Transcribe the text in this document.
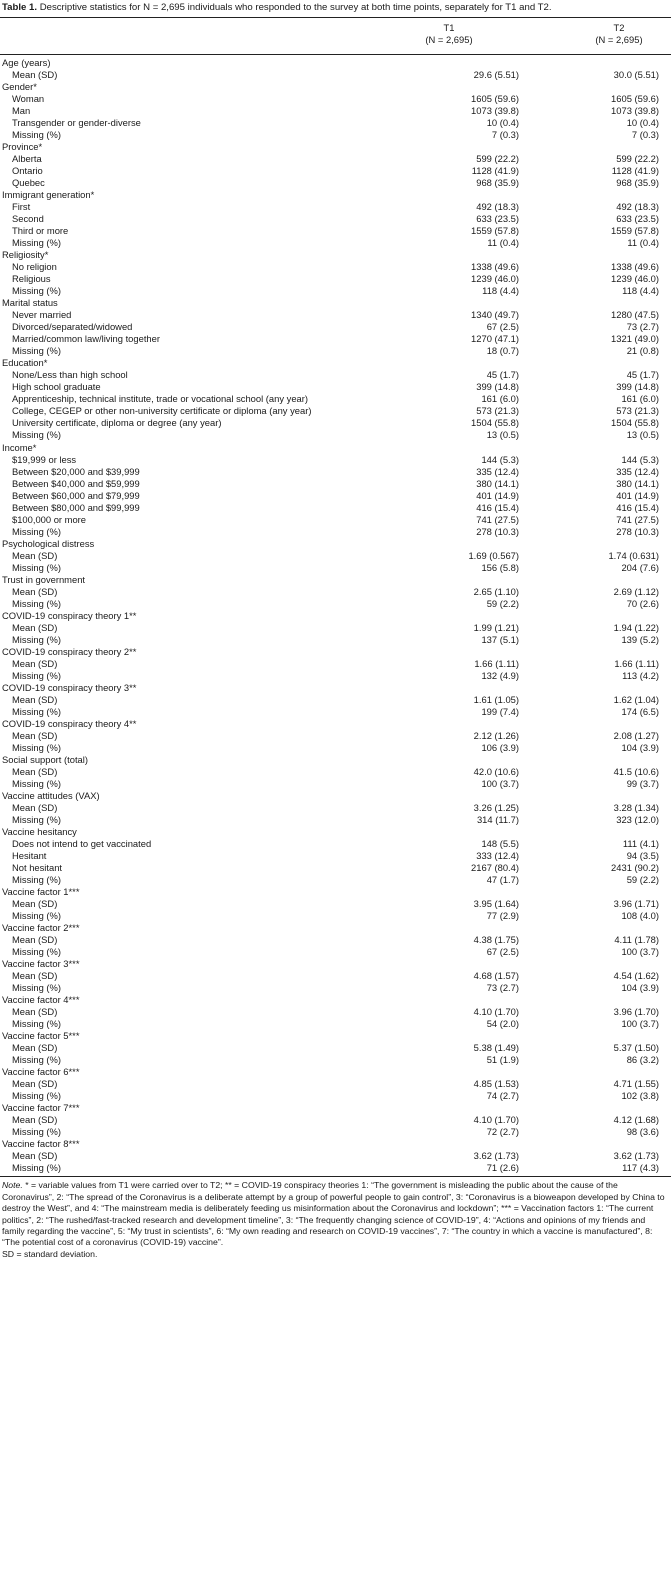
Table 1. Descriptive statistics for N = 2,695 individuals who responded to the survey at both time points, separately for T1 and T2.
T1
(N = 2,695)
T2
(N = 2,695)
Age (years)
Mean (SD)	29.6 (5.51)	30.0 (5.51)
Gender*
Woman	1605 (59.6)	1605 (59.6)
Man	1073 (39.8)	1073 (39.8)
Transgender or gender-diverse	10 (0.4)	10 (0.4)
Missing (%)	7 (0.3)	7 (0.3)
Province*
Alberta	599 (22.2)	599 (22.2)
Ontario	1128 (41.9)	1128 (41.9)
Quebec	968 (35.9)	968 (35.9)
Immigrant generation*
First	492 (18.3)	492 (18.3)
Second	633 (23.5)	633 (23.5)
Third or more	1559 (57.8)	1559 (57.8)
Missing (%)	11 (0.4)	11 (0.4)
Religiosity*
No religion	1338 (49.6)	1338 (49.6)
Religious	1239 (46.0)	1239 (46.0)
Missing (%)	118 (4.4)	118 (4.4)
Marital status
Never married	1340 (49.7)	1280 (47.5)
Divorced/separated/widowed	67 (2.5)	73 (2.7)
Married/common law/living together	1270 (47.1)	1321 (49.0)
Missing (%)	18 (0.7)	21 (0.8)
Education*
None/Less than high school	45 (1.7)	45 (1.7)
High school graduate	399 (14.8)	399 (14.8)
Apprenticeship, technical institute, trade or vocational school (any year)	161 (6.0)	161 (6.0)
College, CEGEP or other non-university certificate or diploma (any year)	573 (21.3)	573 (21.3)
University certificate, diploma or degree (any year)	1504 (55.8)	1504 (55.8)
Missing (%)	13 (0.5)	13 (0.5)
Income*
$19,999 or less	144 (5.3)	144 (5.3)
Between $20,000 and $39,999	335 (12.4)	335 (12.4)
Between $40,000 and $59,999	380 (14.1)	380 (14.1)
Between $60,000 and $79,999	401 (14.9)	401 (14.9)
Between $80,000 and $99,999	416 (15.4)	416 (15.4)
$100,000 or more	741 (27.5)	741 (27.5)
Missing (%)	278 (10.3)	278 (10.3)
Psychological distress
Mean (SD)	1.69 (0.567)	1.74 (0.631)
Missing (%)	156 (5.8)	204 (7.6)
Trust in government
Mean (SD)	2.65 (1.10)	2.69 (1.12)
Missing (%)	59 (2.2)	70 (2.6)
COVID-19 conspiracy theory 1**
Mean (SD)	1.99 (1.21)	1.94 (1.22)
Missing (%)	137 (5.1)	139 (5.2)
COVID-19 conspiracy theory 2**
Mean (SD)	1.66 (1.11)	1.66 (1.11)
Missing (%)	132 (4.9)	113 (4.2)
COVID-19 conspiracy theory 3**
Mean (SD)	1.61 (1.05)	1.62 (1.04)
Missing (%)	199 (7.4)	174 (6.5)
COVID-19 conspiracy theory 4**
Mean (SD)	2.12 (1.26)	2.08 (1.27)
Missing (%)	106 (3.9)	104 (3.9)
Social support (total)
Mean (SD)	42.0 (10.6)	41.5 (10.6)
Missing (%)	100 (3.7)	99 (3.7)
Vaccine attitudes (VAX)
Mean (SD)	3.26 (1.25)	3.28 (1.34)
Missing (%)	314 (11.7)	323 (12.0)
Vaccine hesitancy
Does not intend to get vaccinated	148 (5.5)	111 (4.1)
Hesitant	333 (12.4)	94 (3.5)
Not hesitant	2167 (80.4)	2431 (90.2)
Missing (%)	47 (1.7)	59 (2.2)
Vaccine factor 1***
Mean (SD)	3.95 (1.64)	3.96 (1.71)
Missing (%)	77 (2.9)	108 (4.0)
Vaccine factor 2***
Mean (SD)	4.38 (1.75)	4.11 (1.78)
Missing (%)	67 (2.5)	100 (3.7)
Vaccine factor 3***
Mean (SD)	4.68 (1.57)	4.54 (1.62)
Missing (%)	73 (2.7)	104 (3.9)
Vaccine factor 4***
Mean (SD)	4.10 (1.70)	3.96 (1.70)
Missing (%)	54 (2.0)	100 (3.7)
Vaccine factor 5***
Mean (SD)	5.38 (1.49)	5.37 (1.50)
Missing (%)	51 (1.9)	86 (3.2)
Vaccine factor 6***
Mean (SD)	4.85 (1.53)	4.71 (1.55)
Missing (%)	74 (2.7)	102 (3.8)
Vaccine factor 7***
Mean (SD)	4.10 (1.70)	4.12 (1.68)
Missing (%)	72 (2.7)	98 (3.6)
Vaccine factor 8***
Mean (SD)	3.62 (1.73)	3.62 (1.73)
Missing (%)	71 (2.6)	117 (4.3)
Note. * = variable values from T1 were carried over to T2; ** = COVID-19 conspiracy theories 1: “The government is misleading the public about the cause of the Coronavirus”, 2: “The spread of the Coronavirus is a deliberate attempt by a group of powerful people to gain control”, 3: “Coronavirus is a bioweapon developed by China to destroy the West”, and 4: “The mainstream media is deliberately feeding us misinformation about the Coronavirus and lockdown”; *** = Vaccination factors 1: “The current politics”, 2: “The rushed/fast-tracked research and development timeline”, 3: “The frequently changing science of COVID-19”, 4: “Actions and opinions of my friends and family regarding the vaccine”, 5: “My trust in scientists”, 6: “My own reading and research on COVID-19 vaccines”, 7: “The country in which a vaccine is manufactured”, 8: “The potential cost of a coronavirus (COVID-19) vaccine”.
SD = standard deviation.
